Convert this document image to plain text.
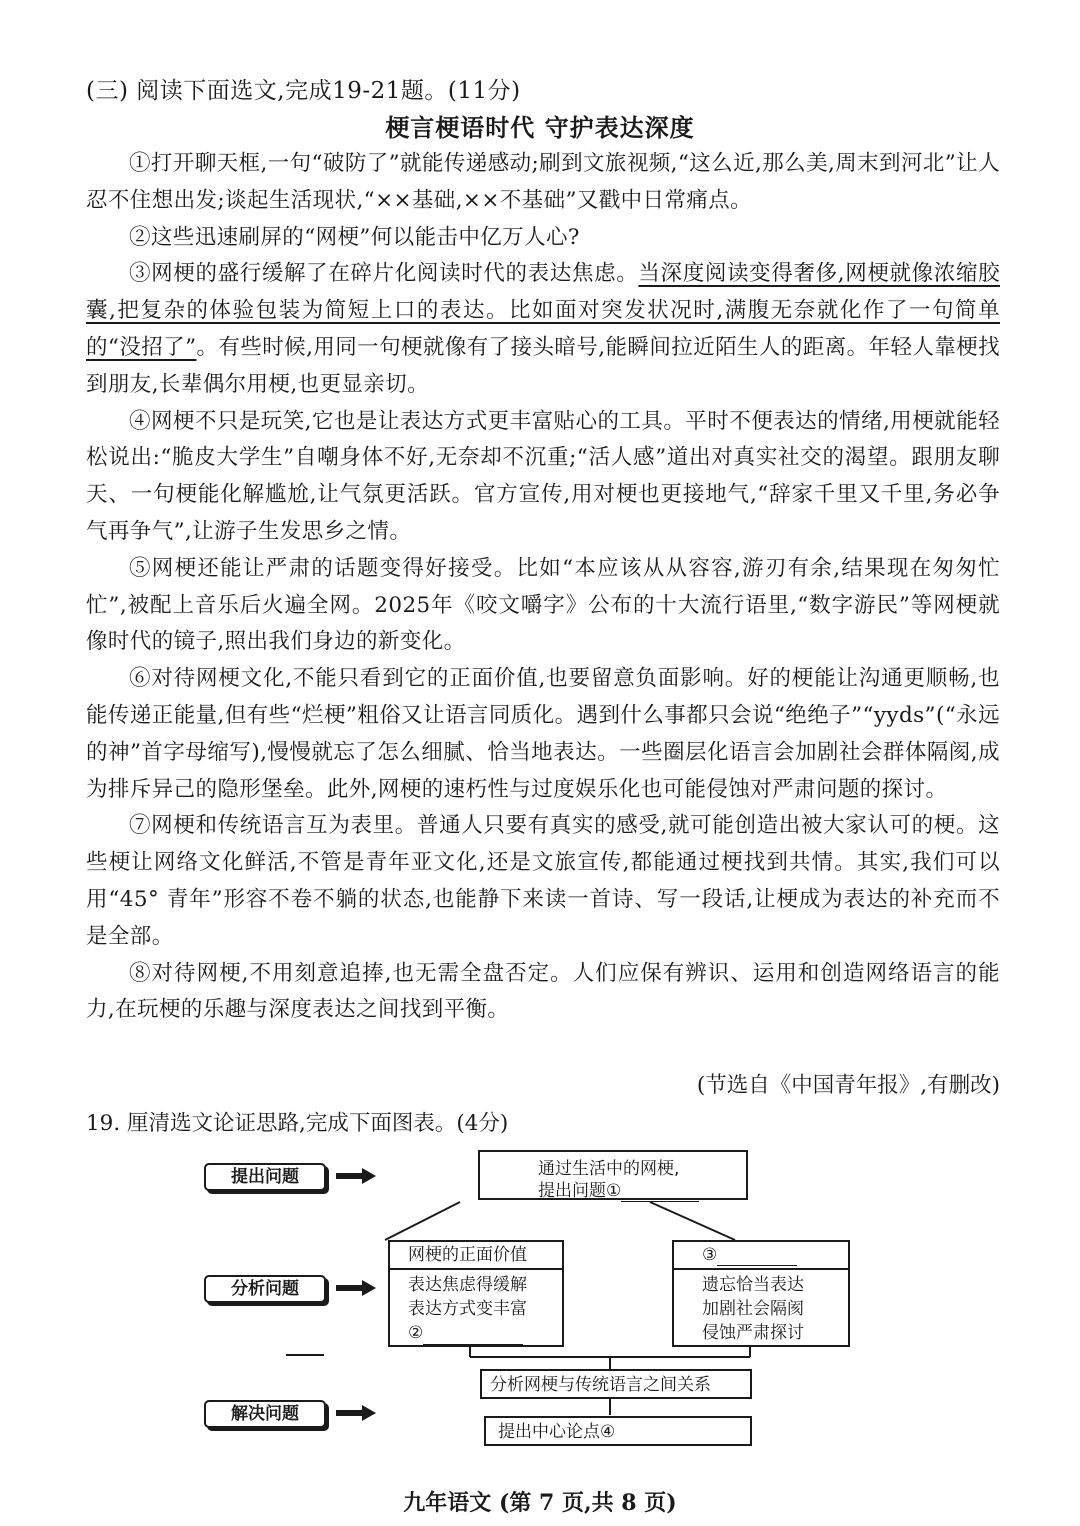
(三) 阅读下面选文,完成19-21题。(11分)
梗言梗语时代 守护表达深度

①打开聊天框,一句“破防了”就能传递感动;刷到文旅视频,“这么近,那么美,周末到河北”让人忍不住想出发;谈起生活现状,“××基础,××不基础”又戳中日常痛点。

②这些迅速刷屏的“网梗”何以能击中亿万人心?

③网梗的盛行缓解了在碎片化阅读时代的表达焦虑。当深度阅读变得奢侈,网梗就像浓缩胶囊,把复杂的体验包装为简短上口的表达。比如面对突发状况时,满腹无奈就化作了一句简单的“没招了”。有些时候,用同一句梗就像有了接头暗号,能瞬间拉近陌生人的距离。年轻人靠梗找到朋友,长辈偶尔用梗,也更显亲切。

④网梗不只是玩笑,它也是让表达方式更丰富贴心的工具。平时不便表达的情绪,用梗就能轻松说出:“脆皮大学生”自嘲身体不好,无奈却不沉重;“活人感”道出对真实社交的渴望。跟朋友聊天、一句梗能化解尴尬,让气氛更活跃。官方宣传,用对梗也更接地气,“辞家千里又千里,务必争气再争气”,让游子生发思乡之情。

⑤网梗还能让严肃的话题变得好接受。比如“本应该从从容容,游刃有余,结果现在匆匆忙忙”,被配上音乐后火遍全网。2025年《咬文嚼字》公布的十大流行语里,“数字游民”等网梗就像时代的镜子,照出我们身边的新变化。

⑥对待网梗文化,不能只看到它的正面价值,也要留意负面影响。好的梗能让沟通更顺畅,也能传递正能量,但有些“烂梗”粗俗又让语言同质化。遇到什么事都只会说“绝绝子”“yyds”(“永远的神”首字母缩写),慢慢就忘了怎么细腻、恰当地表达。一些圈层化语言会加剧社会群体隔阂,成为排斥异己的隐形堡垒。此外,网梗的速朽性与过度娱乐化也可能侵蚀对严肃问题的探讨。

⑦网梗和传统语言互为表里。普通人只要有真实的感受,就可能创造出被大家认可的梗。这些梗让网络文化鲜活,不管是青年亚文化,还是文旅宣传,都能通过梗找到共情。其实,我们可以用“45° 青年”形容不卷不躺的状态,也能静下来读一首诗、写一段话,让梗成为表达的补充而不是全部。

⑧对待网梗,不用刻意追捧,也无需全盘否定。人们应保有辨识、运用和创造网络语言的能力,在玩梗的乐趣与深度表达之间找到平衡。

(节选自《中国青年报》,有删改)
19. 厘清选文论证思路,完成下面图表。(4分)
提出问题
分析问题
解决问题
通过生活中的网梗,
提出问题①
网梗的正面价值
表达焦虑得缓解
表达方式变丰富
②
③
遗忘恰当表达
加剧社会隔阂
侵蚀严肃探讨
分析网梗与传统语言之间关系
提出中心论点④
九年语文 (第 7 页,共 8 页)
